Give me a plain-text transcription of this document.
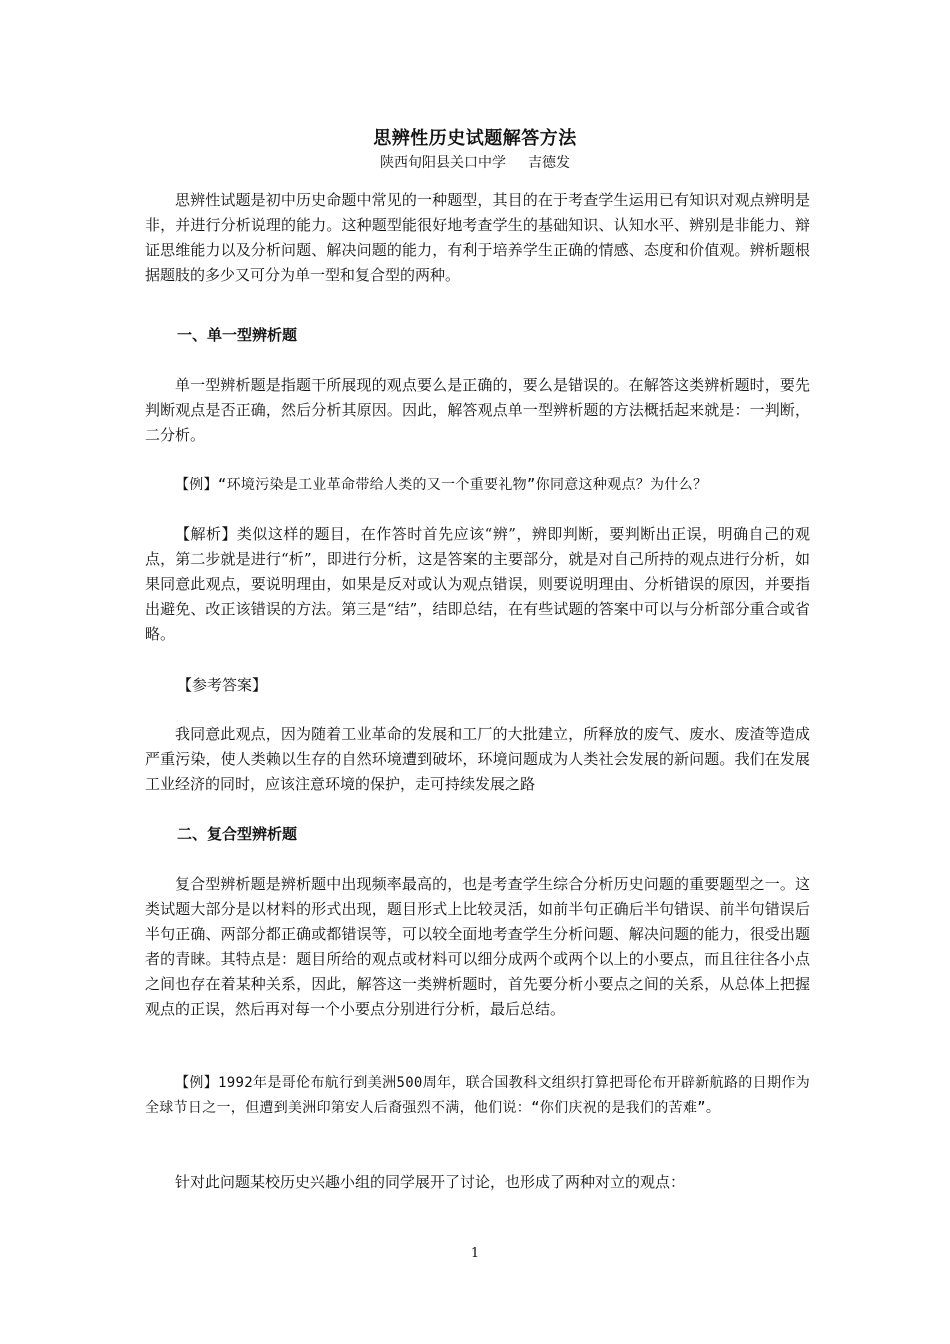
思辨性历史试题解答方法
陕西旬阳县关口中学 吉德发

思辨性试题是初中历史命题中常见的一种题型，其目的在于考查学生运用已有知识对观点辨明是非，并进行分析说理的能力。这种题型能很好地考查学生的基础知识、认知水平、辨别是非能力、辩证思维能力以及分析问题、解决问题的能力，有利于培养学生正确的情感、态度和价值观。辨析题根据题肢的多少又可分为单一型和复合型的两种。

一、单一型辨析题

单一型辨析题是指题干所展现的观点要么是正确的，要么是错误的。在解答这类辨析题时，要先判断观点是否正确，然后分析其原因。因此，解答观点单一型辨析题的方法概括起来就是：一判断，二分析。

【例】“环境污染是工业革命带给人类的又一个重要礼物”你同意这种观点？为什么？

【解析】类似这样的题目，在作答时首先应该“辨”，辨即判断，要判断出正误，明确自己的观点，第二步就是进行“析”，即进行分析，这是答案的主要部分，就是对自己所持的观点进行分析，如果同意此观点，要说明理由，如果是反对或认为观点错误，则要说明理由、分析错误的原因，并要指出避免、改正该错误的方法。第三是“结”，结即总结，在有些试题的答案中可以与分析部分重合或省略。

【参考答案】

我同意此观点，因为随着工业革命的发展和工厂的大批建立，所释放的废气、废水、废渣等造成严重污染，使人类赖以生存的自然环境遭到破坏，环境问题成为人类社会发展的新问题。我们在发展工业经济的同时，应该注意环境的保护，走可持续发展之路

二、复合型辨析题

复合型辨析题是辨析题中出现频率最高的，也是考查学生综合分析历史问题的重要题型之一。这类试题大部分是以材料的形式出现，题目形式上比较灵活，如前半句正确后半句错误、前半句错误后半句正确、两部分都正确或都错误等，可以较全面地考查学生分析问题、解决问题的能力，很受出题者的青睐。其特点是：题目所给的观点或材料可以细分成两个或两个以上的小要点，而且往往各小点之间也存在着某种关系，因此，解答这一类辨析题时，首先要分析小要点之间的关系，从总体上把握观点的正误，然后再对每一个小要点分别进行分析，最后总结。

【例】1992年是哥伦布航行到美洲500周年，联合国教科文组织打算把哥伦布开辟新航路的日期作为全球节日之一，但遭到美洲印第安人后裔强烈不满，他们说：“你们庆祝的是我们的苦难”。

针对此问题某校历史兴趣小组的同学展开了讨论，也形成了两种对立的观点：

1
